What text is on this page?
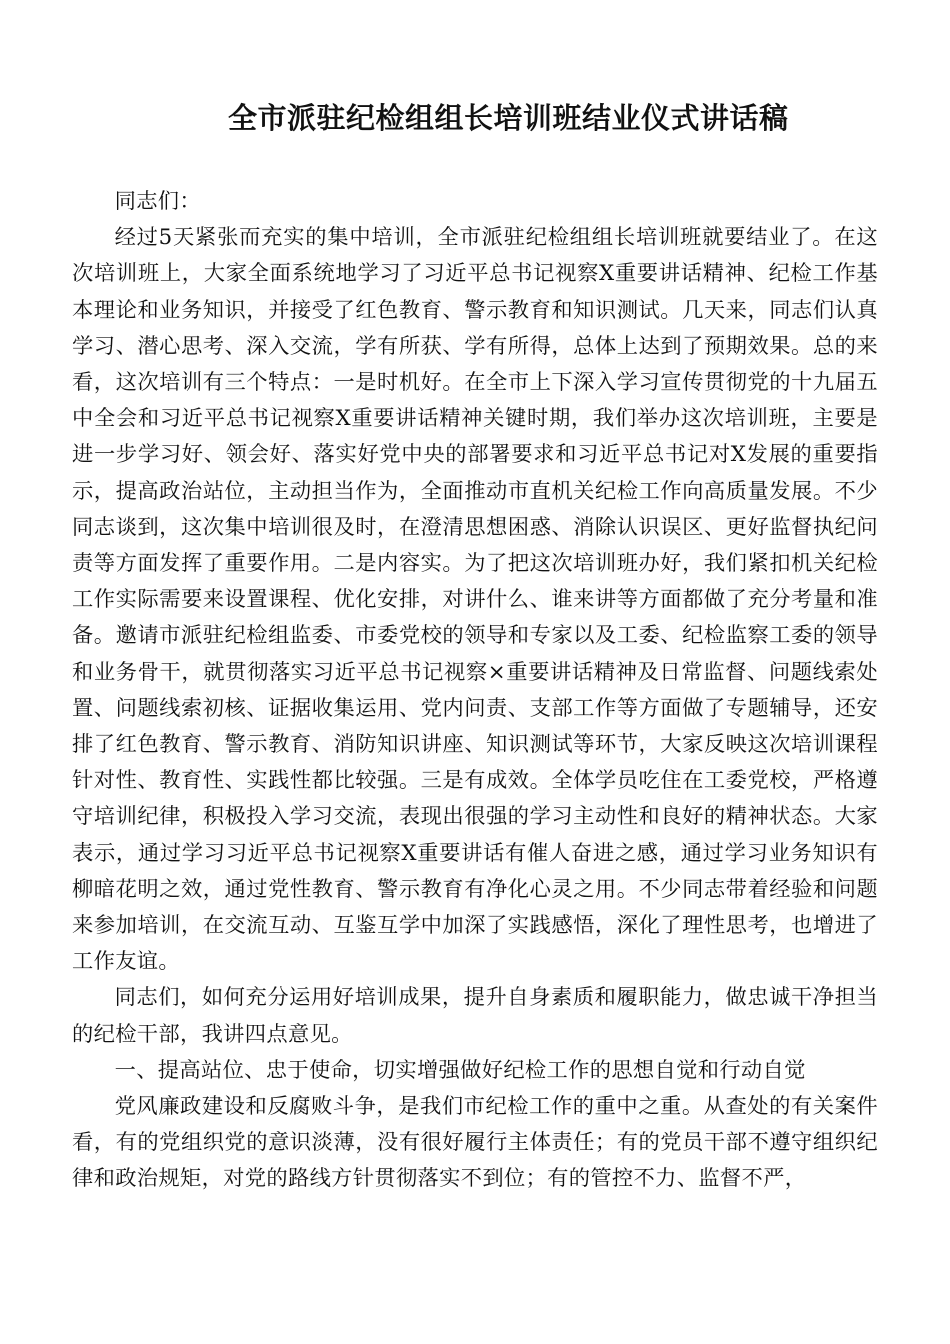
全市派驻纪检组组长培训班结业仪式讲话稿

同志们：

经过5天紧张而充实的集中培训，全市派驻纪检组组长培训班就要结业了。在这次培训班上，大家全面系统地学习了习近平总书记视察X重要讲话精神、纪检工作基本理论和业务知识，并接受了红色教育、警示教育和知识测试。几天来，同志们认真学习、潜心思考、深入交流，学有所获、学有所得，总体上达到了预期效果。总的来看，这次培训有三个特点：一是时机好。在全市上下深入学习宣传贯彻党的十九届五中全会和习近平总书记视察X重要讲话精神关键时期，我们举办这次培训班，主要是进一步学习好、领会好、落实好党中央的部署要求和习近平总书记对X发展的重要指示，提高政治站位，主动担当作为，全面推动市直机关纪检工作向高质量发展。不少同志谈到，这次集中培训很及时，在澄清思想困惑、消除认识误区、更好监督执纪问责等方面发挥了重要作用。二是内容实。为了把这次培训班办好，我们紧扣机关纪检工作实际需要来设置课程、优化安排，对讲什么、谁来讲等方面都做了充分考量和准备。邀请市派驻纪检组监委、市委党校的领导和专家以及工委、纪检监察工委的领导和业务骨干，就贯彻落实习近平总书记视察×重要讲话精神及日常监督、问题线索处置、问题线索初核、证据收集运用、党内问责、支部工作等方面做了专题辅导，还安排了红色教育、警示教育、消防知识讲座、知识测试等环节，大家反映这次培训课程针对性、教育性、实践性都比较强。三是有成效。全体学员吃住在工委党校，严格遵守培训纪律，积极投入学习交流，表现出很强的学习主动性和良好的精神状态。大家表示，通过学习习近平总书记视察X重要讲话有催人奋进之感，通过学习业务知识有柳暗花明之效，通过党性教育、警示教育有净化心灵之用。不少同志带着经验和问题来参加培训，在交流互动、互鉴互学中加深了实践感悟，深化了理性思考，也增进了工作友谊。

同志们，如何充分运用好培训成果，提升自身素质和履职能力，做忠诚干净担当的纪检干部，我讲四点意见。

一、提高站位、忠于使命，切实增强做好纪检工作的思想自觉和行动自觉

党风廉政建设和反腐败斗争，是我们市纪检工作的重中之重。从查处的有关案件看，有的党组织党的意识淡薄，没有很好履行主体责任；有的党员干部不遵守组织纪律和政治规矩，对党的路线方针贯彻落实不到位；有的管控不力、监督不严，
